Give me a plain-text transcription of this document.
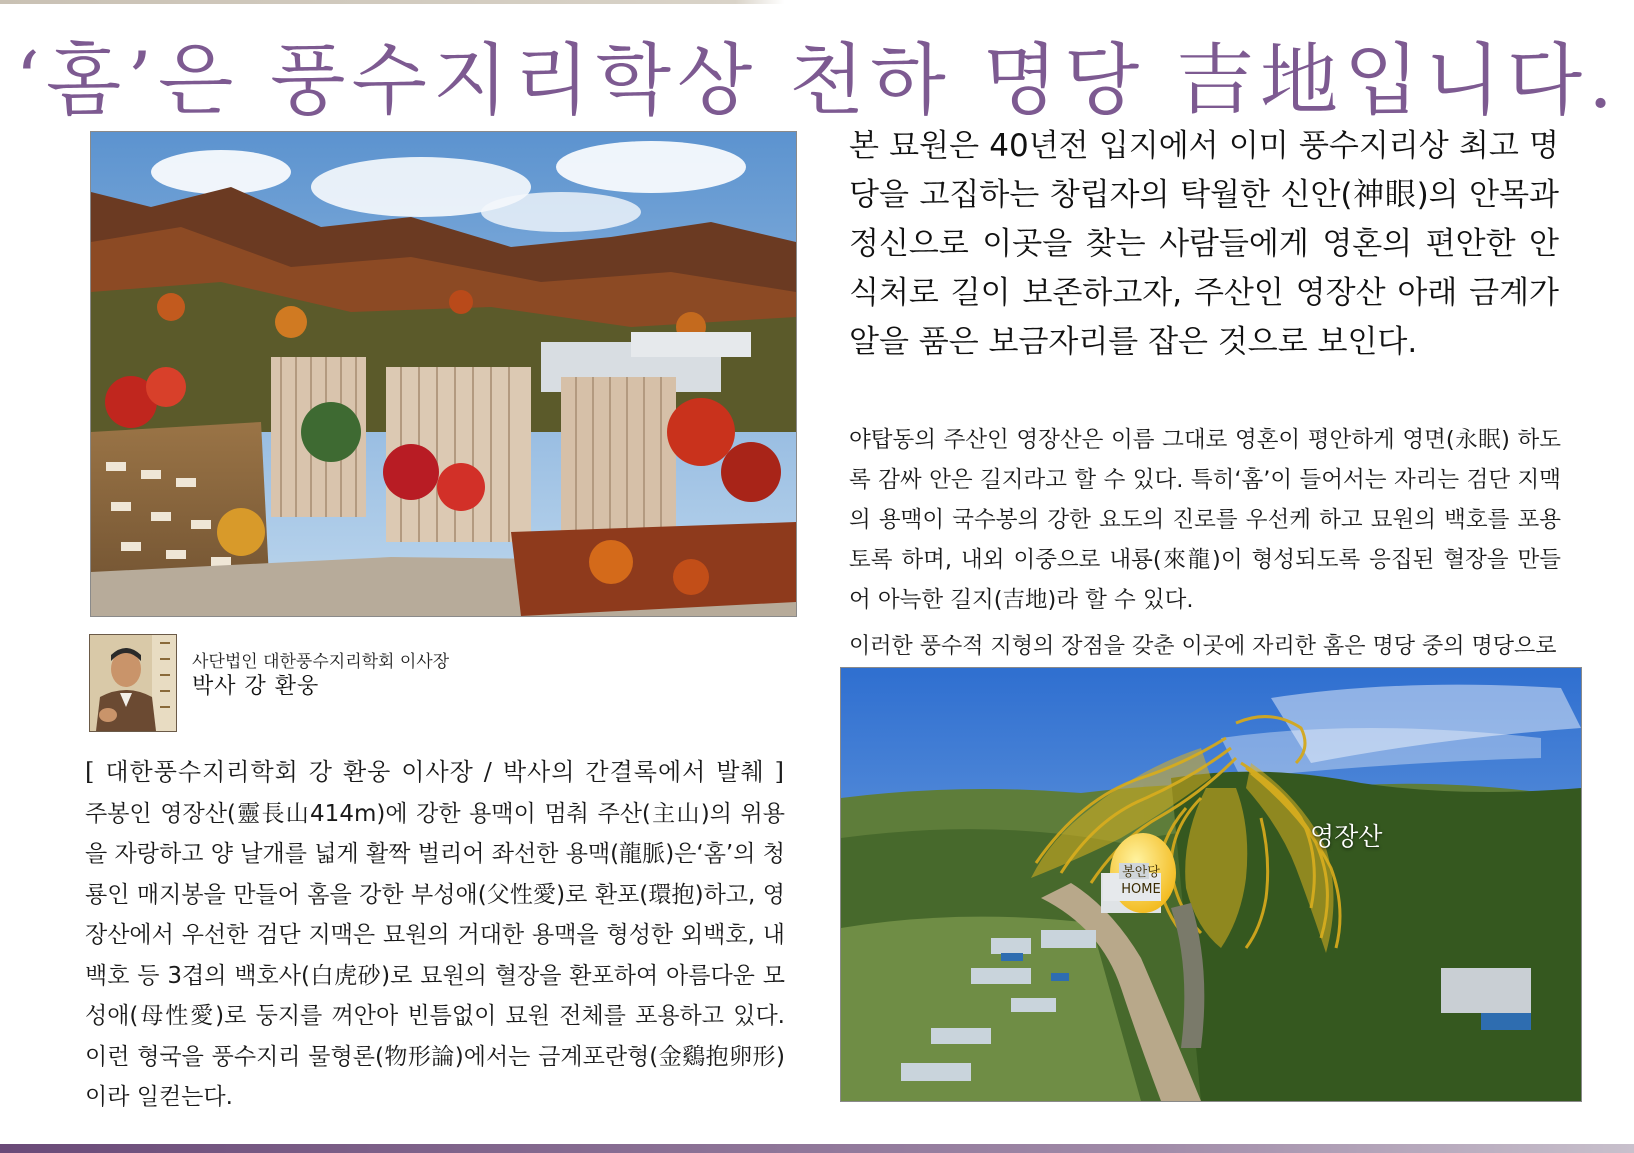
‘홈’은 풍수지리학상 천하 명당 吉地입니다.

본 묘원은 40년전 입지에서 이미 풍수지리상 최고 명당을 고집하는 창립자의 탁월한 신안(神眼)의 안목과 정신으로 이곳을 찾는 사람들에게 영혼의 편안한 안식처로 길이 보존하고자, 주산인 영장산 아래 금계가 알을 품은 보금자리를 잡은 것으로 보인다.

야탑동의 주산인 영장산은 이름 그대로 영혼이 평안하게 영면(永眠) 하도록 감싸 안은 길지라고 할 수 있다. 특히‘홈’이 들어서는 자리는 검단 지맥의 용맥이 국수봉의 강한 요도의 진로를 우선케 하고 묘원의 백호를 포용토록 하며, 내외 이중으로 내룡(來龍)이 형성되도록 응집된 혈장을 만들어 아늑한 길지(吉地)라 할 수 있다.

이러한 풍수적 지형의 장점을 갖춘 이곳에 자리한 홈은 명당 중의 명당으로
사단법인 대한풍수지리학회 이사장
박사 강 환웅

[ 대한풍수지리학회 강 환웅 이사장 / 박사의 간결록에서 발췌 ]주봉인 영장산(靈長山414m)에 강한 용맥이 멈춰 주산(主山)의 위용을 자랑하고 양 날개를 넓게 활짝 벌리어 좌선한 용맥(龍脈)은‘홈’의 청룡인 매지봉을 만들어 홈을 강한 부성애(父性愛)로 환포(環抱)하고, 영장산에서 우선한 검단 지맥은 묘원의 거대한 용맥을 형성한 외백호, 내백호 등 3겹의 백호사(白虎砂)로 묘원의 혈장을 환포하여 아름다운 모성애(母性愛)로 둥지를 껴안아 빈틈없이 묘원 전체를 포용하고 있다. 이런 형국을 풍수지리 물형론(物形論)에서는 금계포란형(金鷄抱卵形)이라 일컫는다.

영장산
봉안당
HOME
